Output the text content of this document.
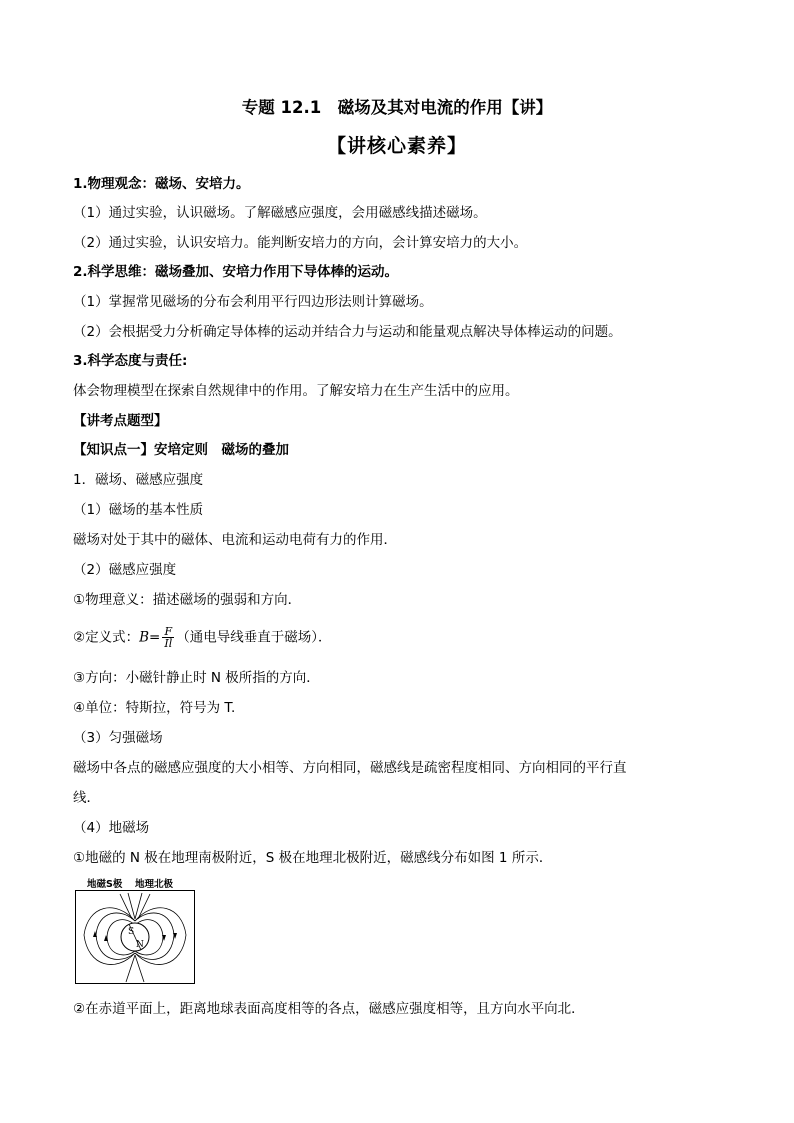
专题 12.1　磁场及其对电流的作用【讲】
【讲核心素养】
1.物理观念：磁场、安培力。
（1）通过实验，认识磁场。了解磁感应强度，会用磁感线描述磁场。
（2）通过实验，认识安培力。能判断安培力的方向，会计算安培力的大小。
2.科学思维：磁场叠加、安培力作用下导体棒的运动。
（1）掌握常见磁场的分布会利用平行四边形法则计算磁场。
（2）会根据受力分析确定导体棒的运动并结合力与运动和能量观点解决导体棒运动的问题。
3.科学态度与责任:
体会物理模型在探索自然规律中的作用。了解安培力在生产生活中的应用。
【讲考点题型】
【知识点一】安培定则　磁场的叠加
1．磁场、磁感应强度
（1）磁场的基本性质
磁场对处于其中的磁体、电流和运动电荷有力的作用．
（2）磁感应强度
①物理意义：描述磁场的强弱和方向．
②定义式：$B= \frac{F}{Il}$ （通电导线垂直于磁场）．
③方向：小磁针静止时 N 极所指的方向．
④单位：特斯拉，符号为 T.
（3）匀强磁场
磁场中各点的磁感应强度的大小相等、方向相同，磁感线是疏密程度相同、方向相同的平行直
线．
（4）地磁场
①地磁的 N 极在地理南极附近，S 极在地理北极附近，磁感线分布如图 1 所示．
地磁S极 地理北极
S
N
②在赤道平面上，距离地球表面高度相等的各点，磁感应强度相等，且方向水平向北．
